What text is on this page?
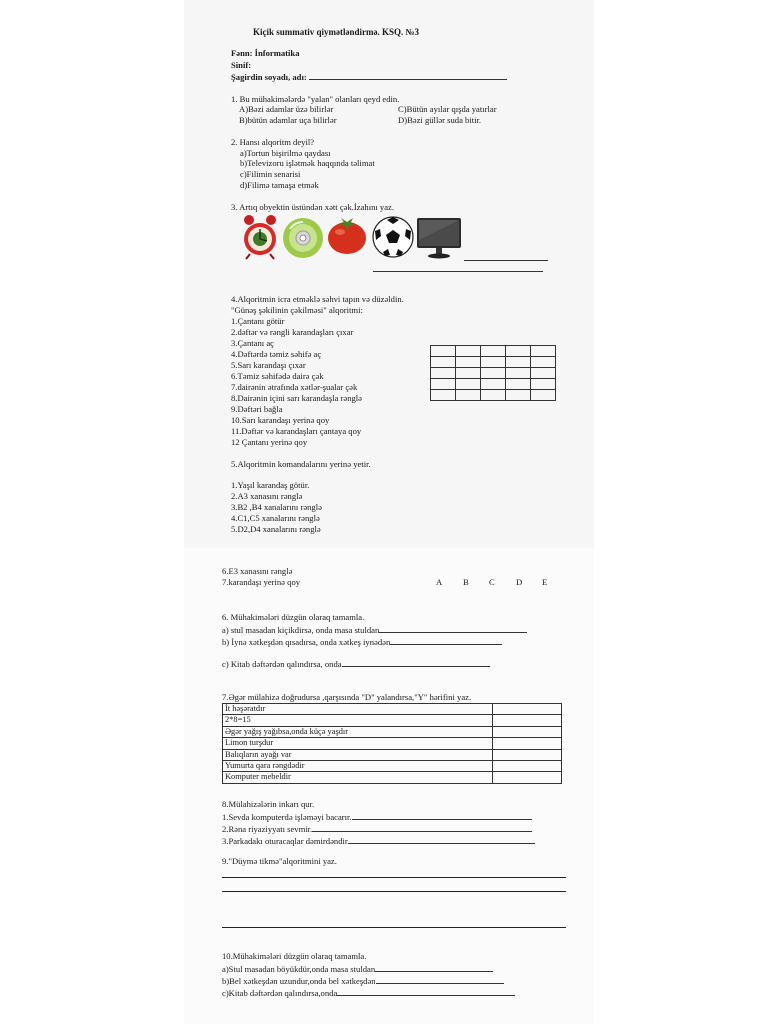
Kiçik summativ qiymətləndirmə. KSQ. №3
Fənn: İnformatika
Sinif:
Şagirdin soyadı, adı:
1. Bu mühakimələrdə "yalan" olanları qeyd edin.
A)Bəzi adamlar üzə bilirlər
B)bütün adamlar uça bilirlər
C)Bütün ayılar qışda yatırlar
D)Bəzi güllər suda bitir.
2. Hansı alqoritm deyil?
a)Tortun bişirilmə qaydası
b)Televizoru işlətmək haqqında təlimat
c)Filimin senarisi
d)Filimə tamaşa etmək
3. Artıq obyektin üstündən xətt çək.İzahını yaz.
4.Alqoritmin icra etməklə səhvi tapın və düzəldin.
"Günəş şəkilinin çəkilməsi" alqoritmi:
1.Çantanı götür
2.dəftər və rəngli karandaşları çıxar
3.Çantanı aç
4.Dəftərdə təmiz səhifə aç
5.Sarı karandaşı çıxar
6.Təmiz səhifədə dairə çək
7.dairənin ətrafında xətlər-şualar çək
8.Dairənin içini sarı karandaşla rənglə
9.Dəftəri bağla
10.Sarı karandaşı yerinə qoy
11.Dəftər və karandaşları çantaya qoy
12 Çantanı yerinə qoy

5.Alqoritmin komandalarını yerinə yetir.
1.Yaşıl karandaş götür.
2.A3 xanasını rənglə
3.B2 ,B4 xanalarını rənglə
4.C1,C5 xanalarını rənglə
5.D2,D4 xanalarını rənglə
6.E3 xanasını rənglə
7.karandaşı yerinə qoy	A B C D E
6. Mühakimələri düzgün olaraq tamamla.
a) stul masadan kiçikdirsə, onda masa stuldan
b) İynə xətkeşdən qısadırsa, onda xətkeş iynədən
c) Kitab dəftərdən qalındırsa, onda
7.Əgər mülahizə doğrudursa ,qarşısında "D" yalandırsa,"Y" hərifini yaz.
İt həşəratdır	
2*8=15	
Əgər yağış yağıbsa,onda küçə yaşdır	
Limon turşdur	
Balıqların ayağı var	
Yumurta qara rəngdədir	
Komputer mebeldir	
8.Mülahizələrin inkarı qur.
1.Sevda komputerdə işləməyi bacarır.
2.Rəna riyaziyyatı sevmir.
3.Parkadakı oturacaqlar dəmirdəndir.
9."Düymə tikmə"alqoritmini yaz.
10.Mühakimələri düzgün olaraq tamamla.
a)Stul masadan böyükdür,onda masa stuldan
b)Bel xətkeşdən uzundur,onda bel xətkeşdən
c)Kitab dəftərdən qalındırsa,onda
